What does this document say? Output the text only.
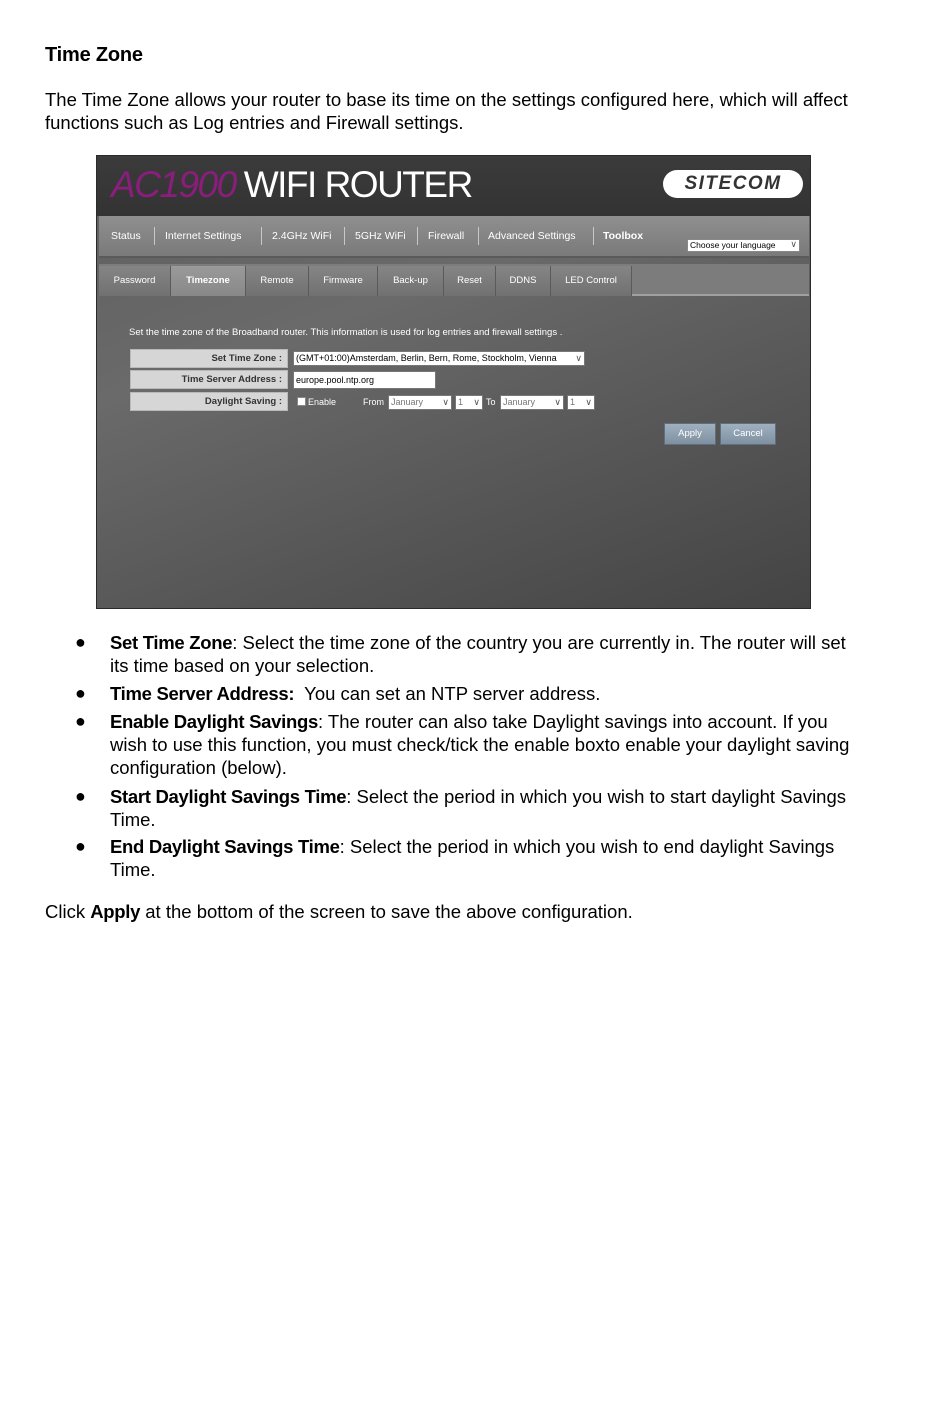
Time Zone

The Time Zone allows your router to base its time on the settings configured here, which will affect functions such as Log entries and Firewall settings.

AC1900 WIFI ROUTER	SITECOM
Status Internet Settings	2.4GHz WiFi 5GHz WiFi Firewall Advanced Settings	Toolbox
Choose your language ∨
Password	Timezone	Remote	Firmware	Back-up	Reset	DDNS	LED Control
Set the time zone of the Broadband router. This information is used for log entries and firewall settings .
Set Time Zone :	(GMT+01:00)Amsterdam, Berlin, Bern, Rome, Stockholm, Vienna ∨
Time Server Address :	europe.pool.ntp.org
Daylight Saving :	Enable	From January ∨	1 ∨ To January ∨	1 ∨
Apply	Cancel
● Set Time Zone: Select the time zone of the country you are currently in. The router will set its time based on your selection.
● Time Server Address:  You can set an NTP server address.
● Enable Daylight Savings: The router can also take Daylight savings into account. If you wish to use this function, you must check/tick the enable boxto enable your daylight saving configuration (below).
● Start Daylight Savings Time: Select the period in which you wish to start daylight Savings Time.
● End Daylight Savings Time: Select the period in which you wish to end daylight Savings Time.

Click Apply at the bottom of the screen to save the above configuration.
